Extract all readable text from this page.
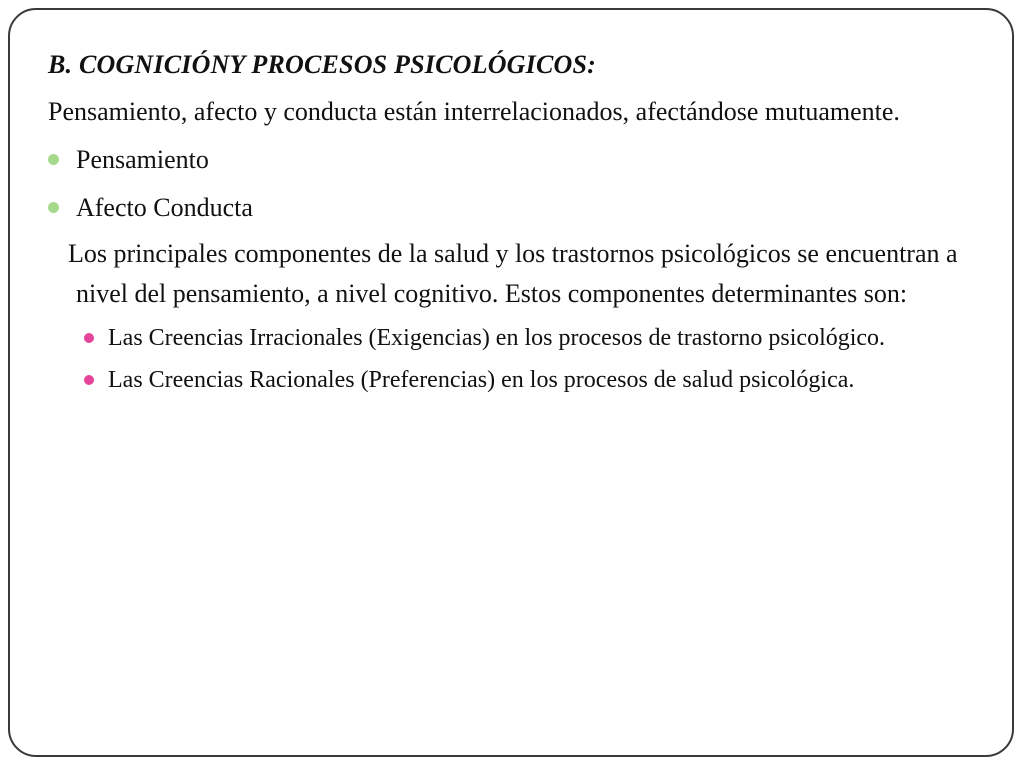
B. COGNICIÓNY PROCESOS PSICOLÓGICOS:
Pensamiento, afecto y conducta están interrelacionados, afectándose mutuamente.
Pensamiento
Afecto Conducta
Los principales componentes de la salud y los trastornos psicológicos se encuentran a nivel del pensamiento, a nivel cognitivo. Estos componentes determinantes son:
Las Creencias Irracionales (Exigencias) en los procesos de trastorno psicológico.
Las Creencias Racionales (Preferencias) en los procesos de salud psicológica.
